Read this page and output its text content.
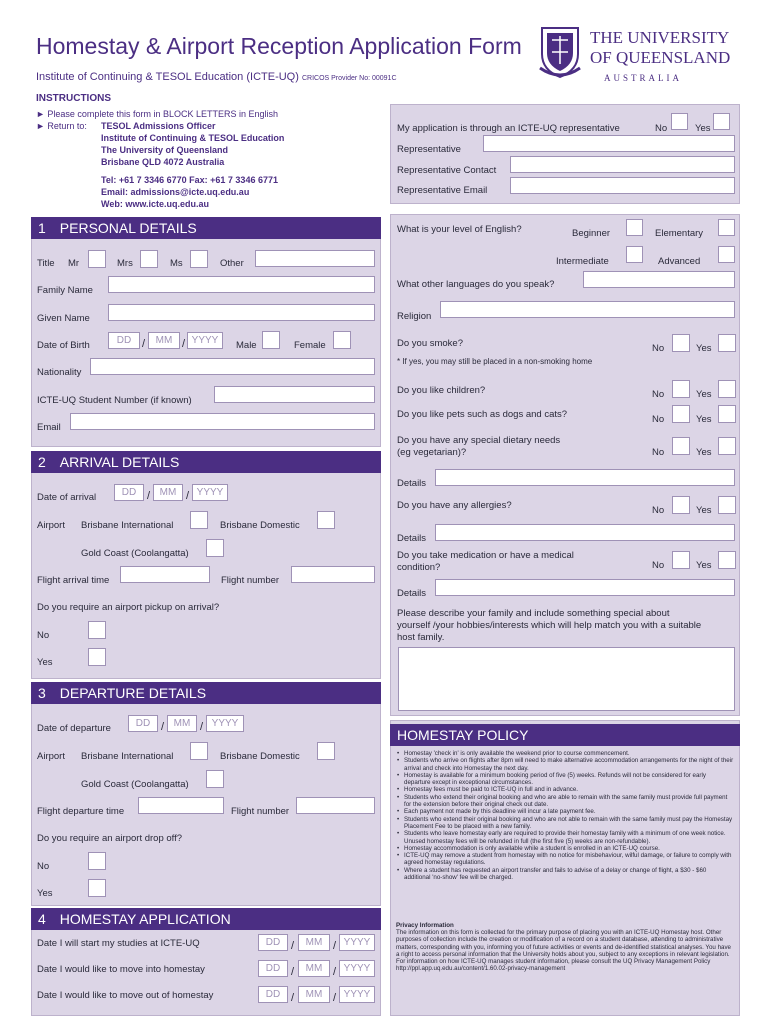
Homestay & Airport Reception Application Form
Institute of Continuing & TESOL Education (ICTE-UQ) CRICOS Provider No: 00091C
THE UNIVERSITY
OF QUEENSLAND
AUSTRALIA
INSTRUCTIONS
► Please complete this form in BLOCK LETTERS in English
► Return to: TESOL Admissions Officer
Institute of Continuing & TESOL Education
The University of Queensland
Brisbane QLD 4072 Australia
Tel: +61 7 3346 6770 Fax: +61 7 3346 6771
Email: admissions@icte.uq.edu.au
Web: www.icte.uq.edu.au
1 PERSONAL DETAILS
Title Mr	Mrs	Ms	Other
Family Name
Given Name
Date of Birth	DD /	MM / YYYY	Male	Female
Nationality
ICTE-UQ Student Number (if known)
Email
2 ARRIVAL DETAILS
Date of arrival	DD / MM / YYYY
Airport Brisbane International	Brisbane Domestic
Gold Coast (Coolangatta)
Flight arrival time	Flight number
Do you require an airport pickup on arrival?
No
Yes
3 DEPARTURE DETAILS
Date of departure	DD / MM / YYYY
Airport Brisbane International	Brisbane Domestic
Gold Coast (Coolangatta)
Flight departure time	Flight number
Do you require an airport drop off?
No
Yes
4 HOMESTAY APPLICATION
Date I will start my studies at ICTE-UQ	DD /	MM / YYYY
Date I would like to move into homestay	DD /	MM / YYYY
Date I would like to move out of homestay	DD /	MM / YYYY
My application is through an ICTE-UQ representative	No	Yes
Representative
Representative Contact
Representative Email
What is your level of English?	Beginner	Elementary
Intermediate	Advanced
What other languages do you speak?
Religion
Do you smoke?	No	Yes
* If yes, you may still be placed in a non-smoking home
Do you like children?	No	Yes
Do you like pets such as dogs and cats?	No	Yes
Do you have any special dietary needs
(eg vegetarian)?	No	Yes
Details
Do you have any allergies?	No	Yes
Details
Do you take medication or have a medical
condition?	No	Yes
Details
Please describe your family and include something special about
yourself /your hobbies/interests which will help match you with a suitable
host family.
HOMESTAY POLICY
• Homestay 'check in' is only available the weekend prior to course commencement.
• Students who arrive on flights after 8pm will need to make alternative accommodation arrangements for the night of their arrival and check into Homestay the next day.
• Homestay is available for a minimum booking period of five (5) weeks. Refunds will not be considered for early departure except in exceptional circumstances.
• Homestay fees must be paid to ICTE-UQ in full and in advance.
• Students who extend their original booking and who are able to remain with the same family must provide full payment for the extension before their original check out date.
• Each payment not made by this deadline will incur a late payment fee.
• Students who extend their original booking and who are not able to remain with the same family must pay the Homestay Placement Fee to be placed with a new family.
• Students who leave homestay early are required to provide their homestay family with a minimum of one week notice. Unused homestay fees will be refunded in full (the first five (5) weeks are non-refundable).
• Homestay accommodation is only available while a student is enrolled in an ICTE-UQ course.
• ICTE-UQ may remove a student from homestay with no notice for misbehaviour, wilful damage, or failure to comply with agreed homestay regulations.
• Where a student has requested an airport transfer and fails to advise of a delay or change of flight, a $30 - $60 additional 'no-show' fee will be charged.
Privacy Information
The information on this form is collected for the primary purpose of placing you with an ICTE-UQ Homestay host. Other purposes of collection include the creation or modification of a record on a student database, attending to administrative matters, corresponding with you, informing you of future activities or events and de-identified statistical analyses. You have a right to access personal information that the University holds about you, subject to any exceptions in relevant legislation. For information on how ICTE-UQ manages student information, please consult the UQ Privacy Management Policy http://ppl.app.uq.edu.au/content/1.60.02-privacy-management
